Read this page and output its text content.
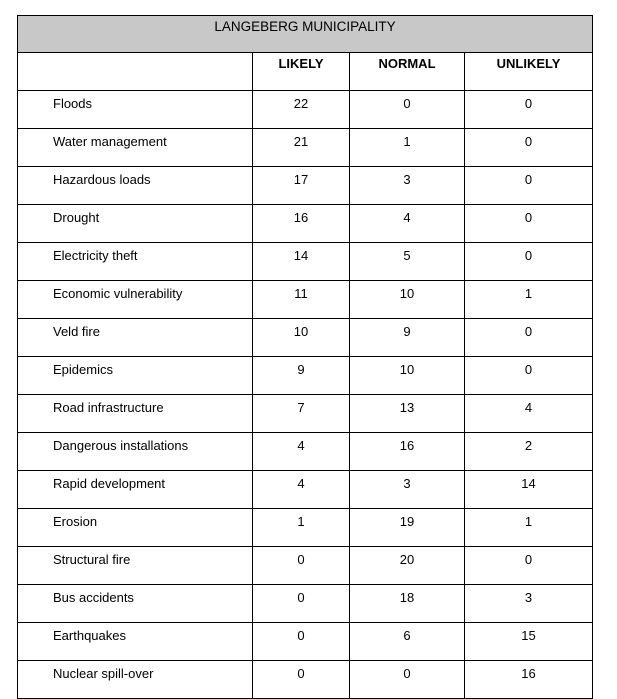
LANGEBERG MUNICIPALITY			
	LIKELY	NORMAL	UNLIKELY
Floods	22	0	0
Water management	21	1	0
Hazardous loads	17	3	0
Drought	16	4	0
Electricity theft	14	5	0
Economic vulnerability	11	10	1
Veld fire	10	9	0
Epidemics	9	10	0
Road infrastructure	7	13	4
Dangerous installations	4	16	2
Rapid development	4	3	14
Erosion	1	19	1
Structural fire	0	20	0
Bus accidents	0	18	3
Earthquakes	0	6	15
Nuclear spill-over	0	0	16
